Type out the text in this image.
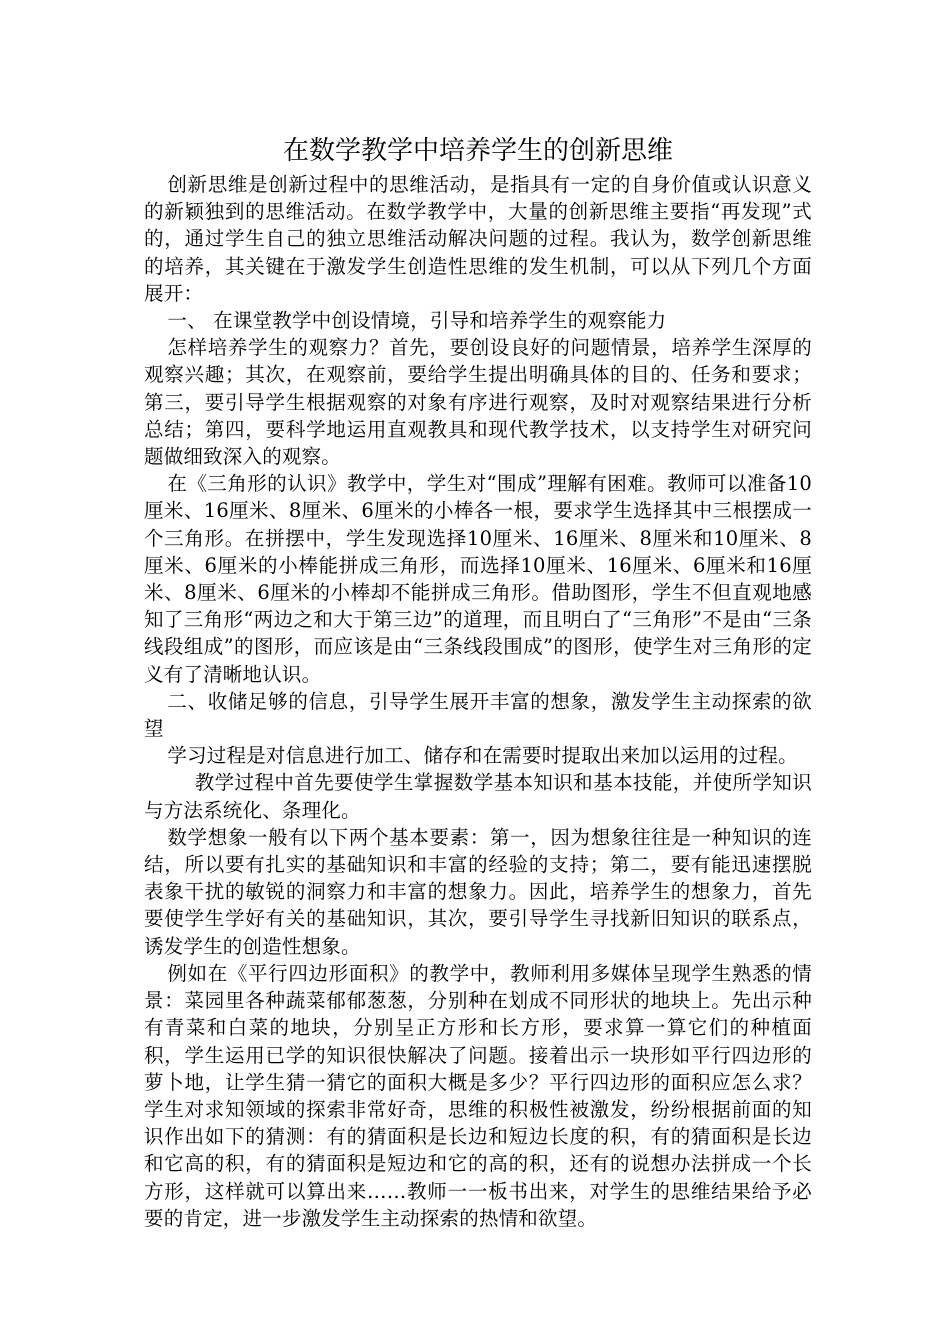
在数学教学中培养学生的创新思维

创新思维是创新过程中的思维活动，是指具有一定的自身价值或认识意义的新颖独到的思维活动。在数学教学中，大量的创新思维主要指“再发现”式的，通过学生自己的独立思维活动解决问题的过程。我认为，数学创新思维的培养，其关键在于激发学生创造性思维的发生机制，可以从下列几个方面展开：

一、 在课堂教学中创设情境，引导和培养学生的观察能力

怎样培养学生的观察力？首先，要创设良好的问题情景，培养学生深厚的观察兴趣；其次，在观察前，要给学生提出明确具体的目的、任务和要求；第三，要引导学生根据观察的对象有序进行观察，及时对观察结果进行分析总结；第四，要科学地运用直观教具和现代教学技术，以支持学生对研究问题做细致深入的观察。

在《三角形的认识》教学中，学生对“围成”理解有困难。教师可以准备10厘米、16厘米、8厘米、6厘米的小棒各一根，要求学生选择其中三根摆成一个三角形。在拼摆中，学生发现选择10厘米、16厘米、8厘米和10厘米、8厘米、6厘米的小棒能拼成三角形，而选择10厘米、16厘米、6厘米和16厘米、8厘米、6厘米的小棒却不能拼成三角形。借助图形，学生不但直观地感知了三角形“两边之和大于第三边”的道理，而且明白了“三角形”不是由“三条线段组成”的图形，而应该是由“三条线段围成”的图形，使学生对三角形的定义有了清晰地认识。

二、收储足够的信息，引导学生展开丰富的想象，激发学生主动探索的欲望

学习过程是对信息进行加工、储存和在需要时提取出来加以运用的过程。

教学过程中首先要使学生掌握数学基本知识和基本技能，并使所学知识与方法系统化、条理化。

数学想象一般有以下两个基本要素：第一，因为想象往往是一种知识的连结，所以要有扎实的基础知识和丰富的经验的支持；第二，要有能迅速摆脱表象干扰的敏锐的洞察力和丰富的想象力。因此，培养学生的想象力，首先要使学生学好有关的基础知识，其次，要引导学生寻找新旧知识的联系点，诱发学生的创造性想象。

例如在《平行四边形面积》的教学中，教师利用多媒体呈现学生熟悉的情景：菜园里各种蔬菜郁郁葱葱，分别种在划成不同形状的地块上。先出示种有青菜和白菜的地块，分别呈正方形和长方形，要求算一算它们的种植面积，学生运用已学的知识很快解决了问题。接着出示一块形如平行四边形的萝卜地，让学生猜一猜它的面积大概是多少？平行四边形的面积应怎么求？学生对求知领域的探索非常好奇，思维的积极性被激发，纷纷根据前面的知识作出如下的猜测：有的猜面积是长边和短边长度的积，有的猜面积是长边和它高的积，有的猜面积是短边和它的高的积，还有的说想办法拼成一个长方形，这样就可以算出来……教师一一板书出来，对学生的思维结果给予必要的肯定，进一步激发学生主动探索的热情和欲望。
